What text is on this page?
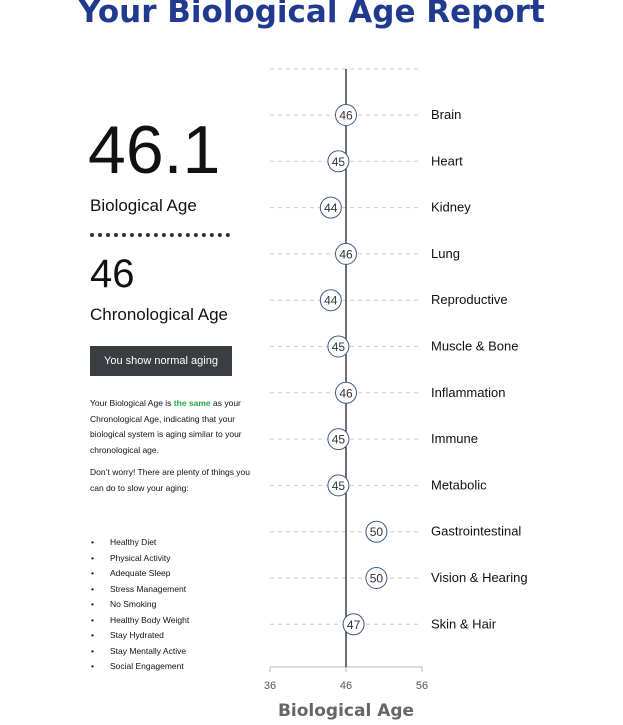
Your Biological Age Report
46.1
Biological Age
46
Chronological Age
You show normal aging

Your Biological Age is the same as your Chronological Age, indicating that your biological system is aging similar to your chronological age.

Don’t worry! There are plenty of things you can do to slow your aging:

• Healthy Diet
• Physical Activity
• Adequate Sleep
• Stress Management
• No Smoking
• Healthy Body Weight
• Stay Hydrated
• Stay Mentally Active
• Social Engagement
46	Brain
45	Heart
44	Kidney
46	Lung
44	Reproductive
45	Muscle & Bone
46	Inflammation
45	Immune
45	Metabolic
50	Gastrointestinal
50	Vision & Hearing
47	Skin & Hair
36	46	56
Biological Age
